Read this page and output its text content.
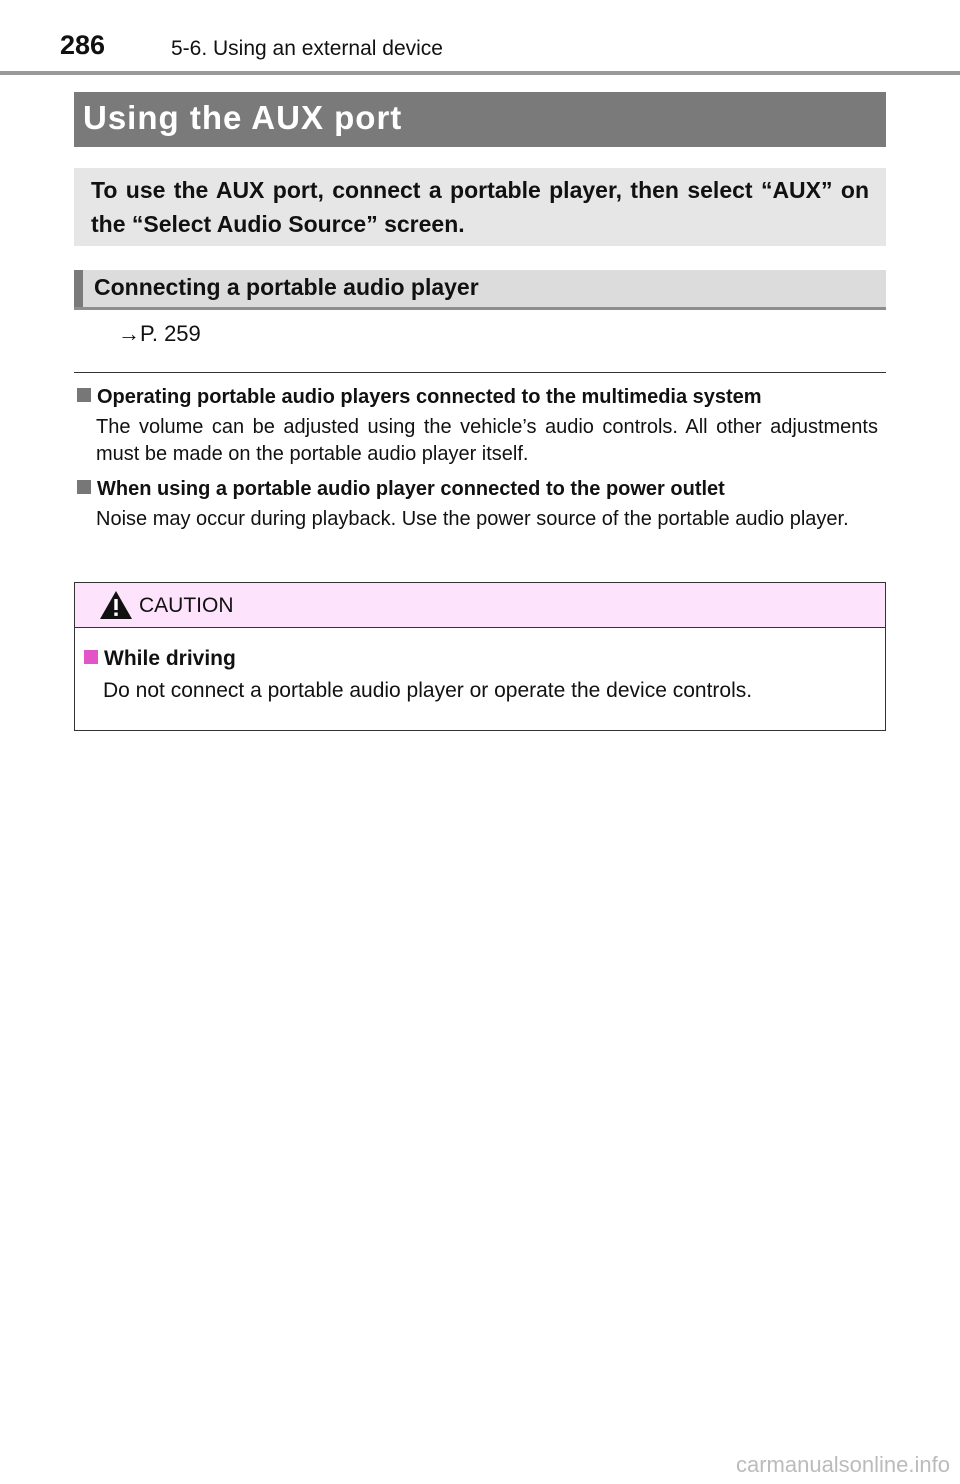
286	5-6. Using an external device
Using the AUX port
To use the AUX port, connect a portable player, then select “AUX” on the “Select Audio Source” screen.
Connecting a portable audio player
→P. 259
Operating portable audio players connected to the multimedia system
The volume can be adjusted using the vehicle’s audio controls. All other adjustments must be made on the portable audio player itself.
When using a portable audio player connected to the power outlet
Noise may occur during playback. Use the power source of the portable audio player.
CAUTION
While driving
Do not connect a portable audio player or operate the device controls.
carmanualsonline.info
